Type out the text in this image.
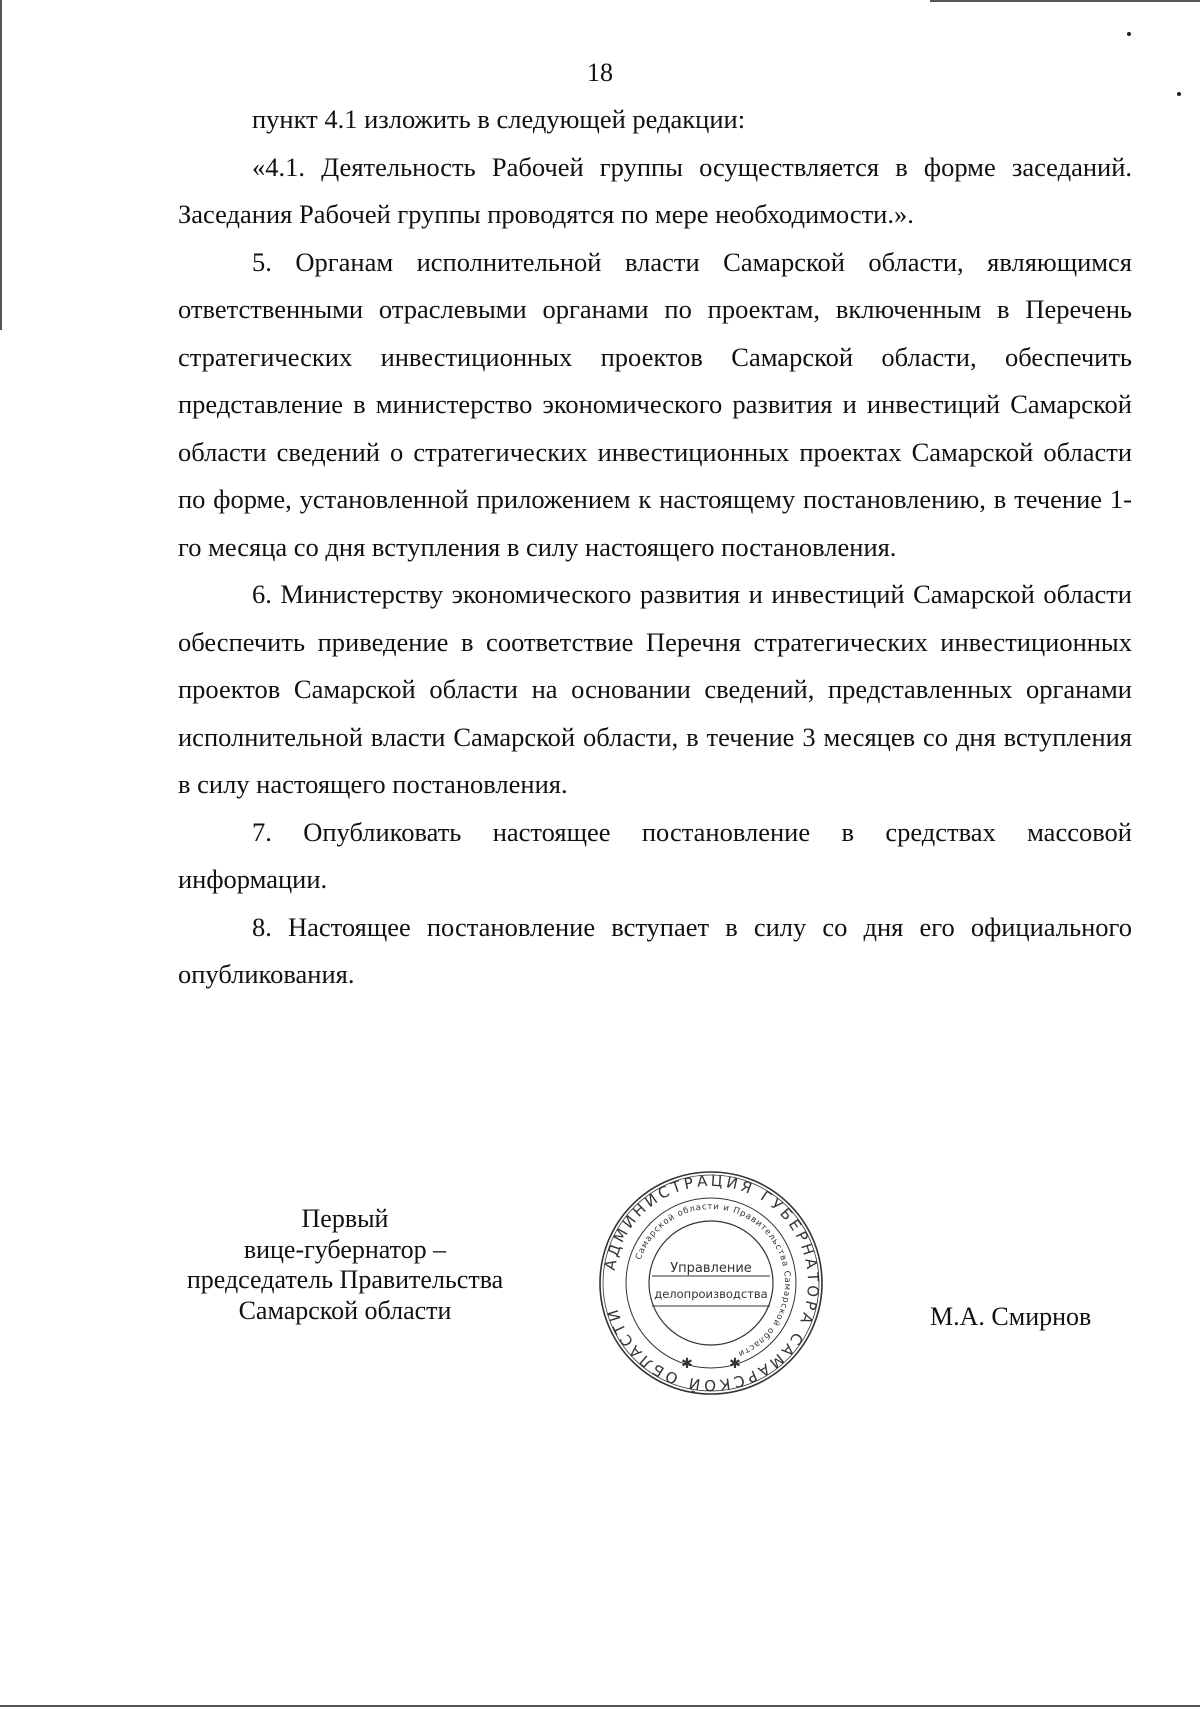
18

пункт 4.1 изложить в следующей редакции:

«4.1. Деятельность Рабочей группы осуществляется в форме заседаний. Заседания Рабочей группы проводятся по мере необходимости.».

5. Органам исполнительной власти Самарской области, являющимся ответственными отраслевыми органами по проектам, включенным в Перечень стратегических инвестиционных проектов Самарской области, обеспечить представление в министерство экономического развития и инвестиций Самарской области сведений о стратегических инвестиционных проектах Самарской области по форме, установленной приложением к настоящему постановлению, в течение 1-го месяца со дня вступления в силу настоящего постановления.

6. Министерству экономического развития и инвестиций Самарской области обеспечить приведение в соответствие Перечня стратегических инвестиционных проектов Самарской области на основании сведений, представленных органами исполнительной власти Самарской области, в течение 3 месяцев со дня вступления в силу настоящего постановления.

7. Опубликовать настоящее постановление в средствах массовой информации.

8. Настоящее постановление вступает в силу со дня его официального опубликования.

Первый
вице-губернатор –
председатель Правительства
Самарской области
АДМИНИСТРАЦИЯ ГУБЕРНАТОРА САМАРСКОЙ ОБЛАСТИ
Самарской области и Правительства Самарской области
Управление
делопроизводства
✱	✱
М.А. Смирнов
